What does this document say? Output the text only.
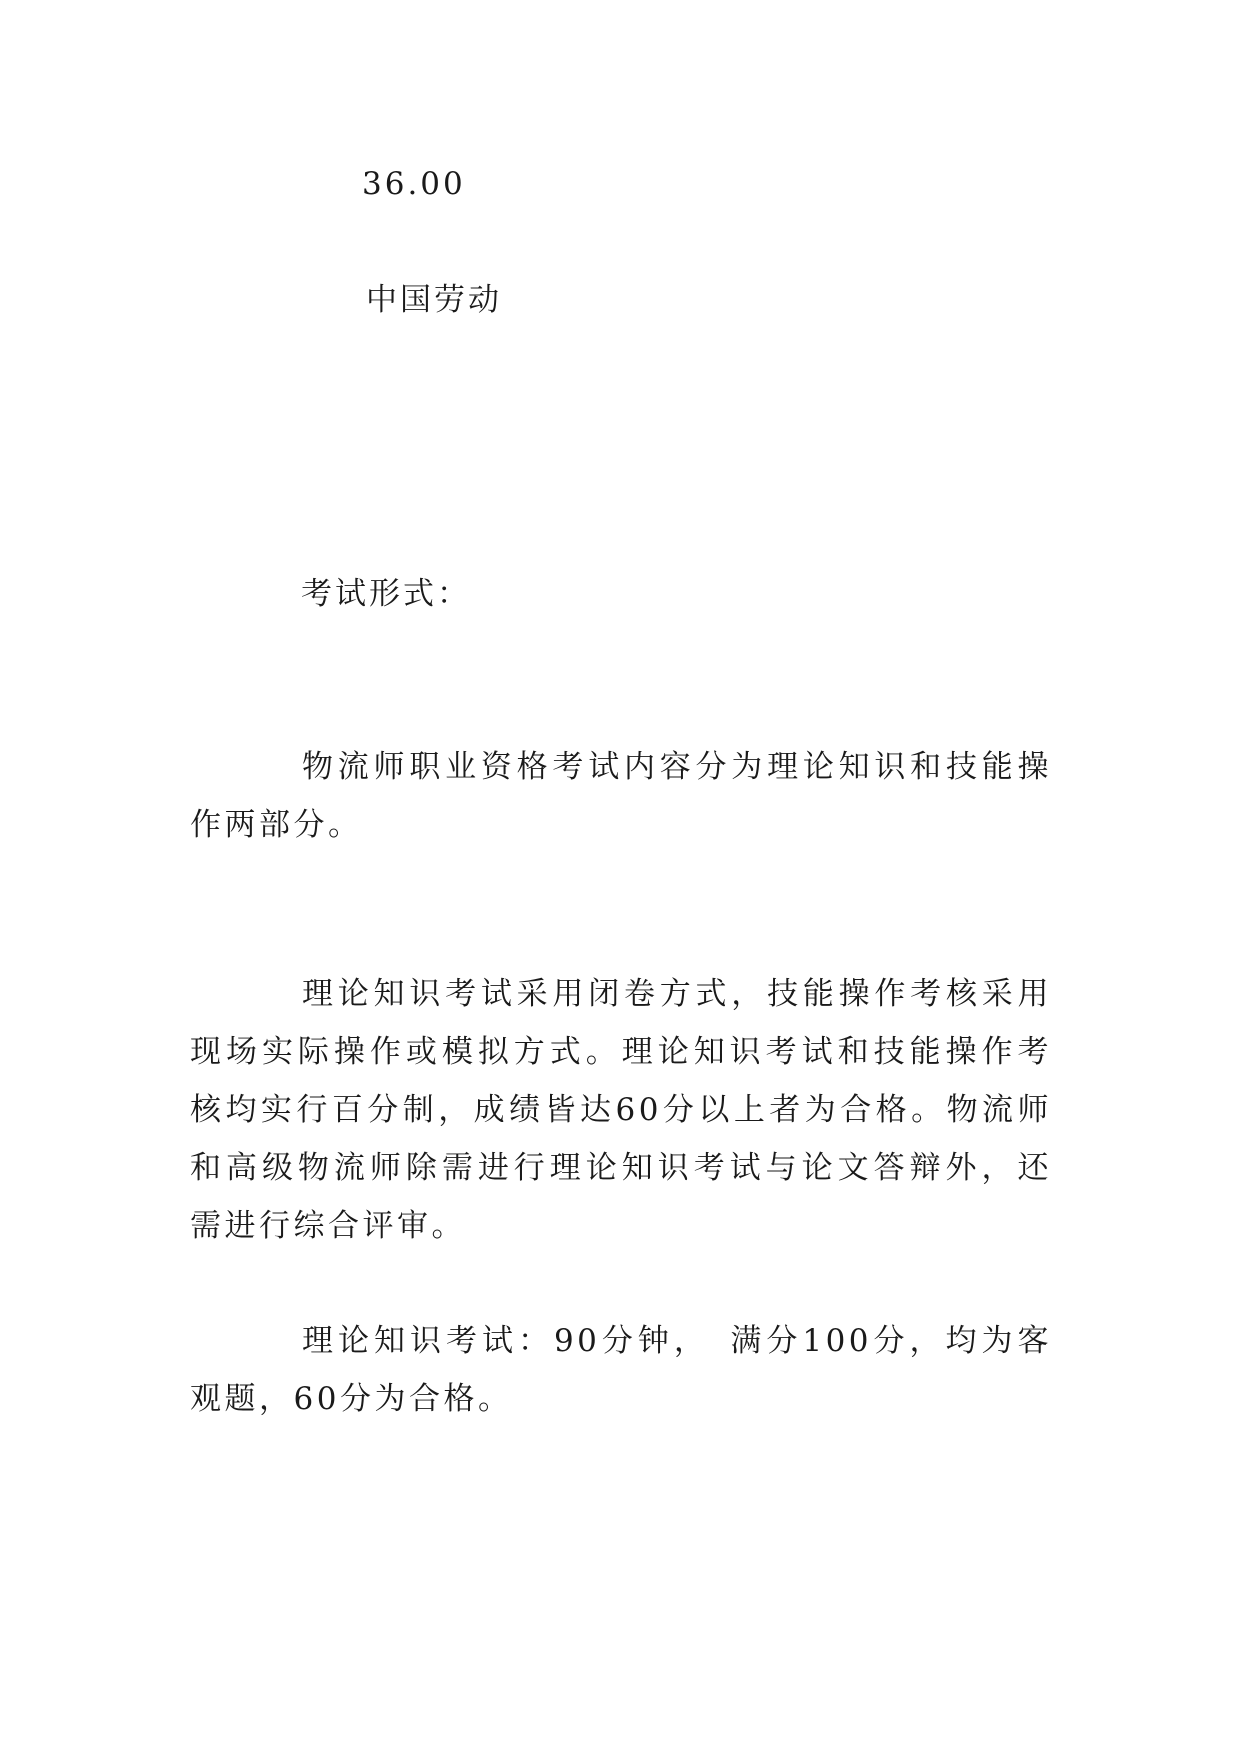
36.00
中国劳动
考试形式：
物流师职业资格考试内容分为理论知识和技能操作两部分。
理论知识考试采用闭卷方式，技能操作考核采用现场实际操作或模拟方式。理论知识考试和技能操作考核均实行百分制，成绩皆达60分以上者为合格。物流师和高级物流师除需进行理论知识考试与论文答辩外，还需进行综合评审。
理论知识考试：90分钟，　满分100分，均为客观题，60分为合格。
